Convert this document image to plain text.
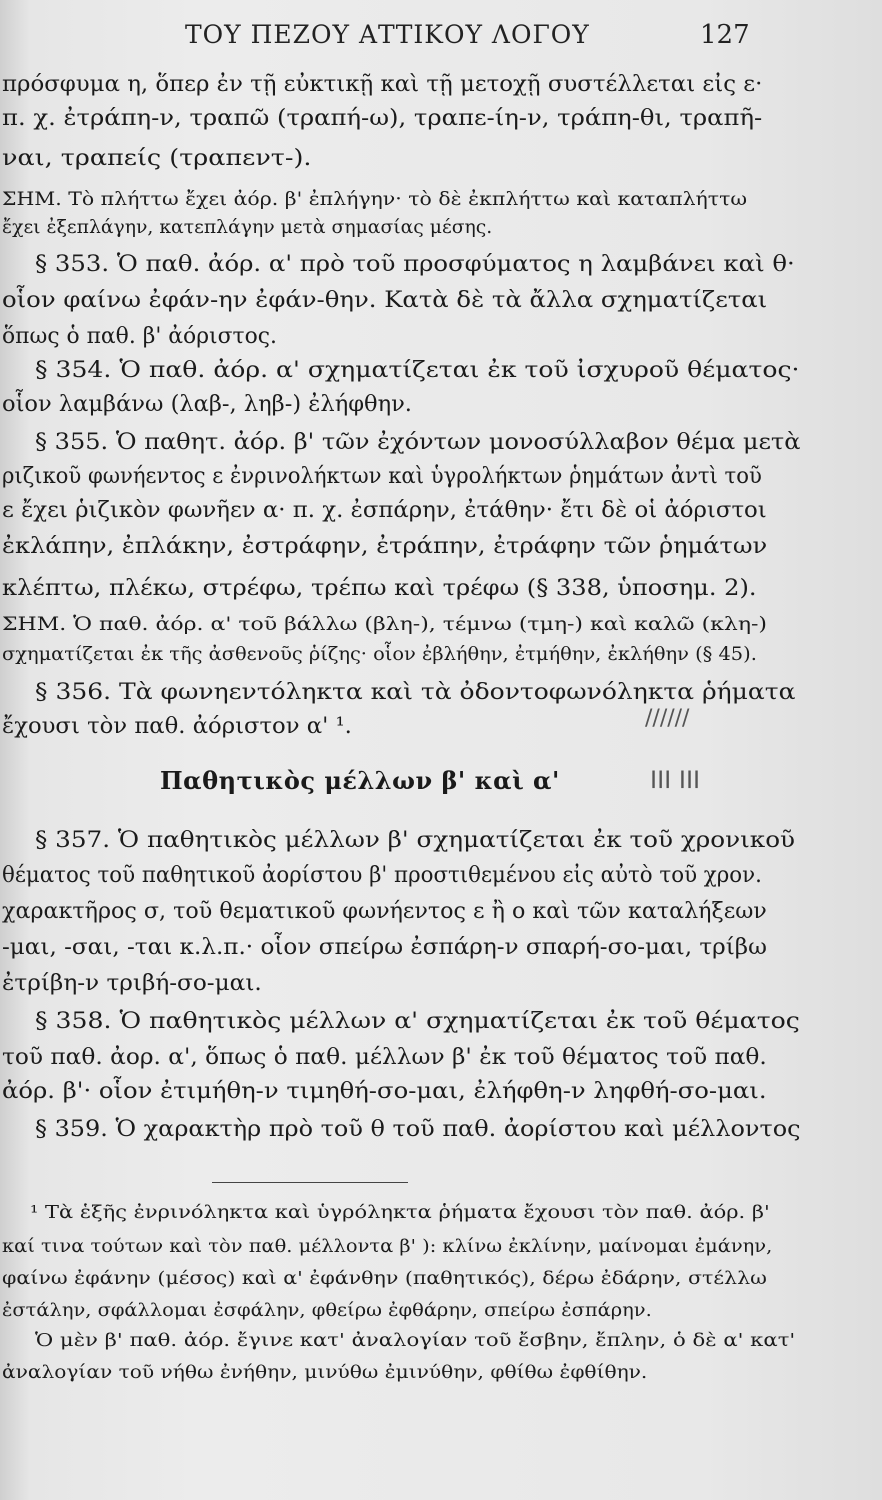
ΤΟΥ ΠΕΖΟΥ ΑΤΤΙΚΟΥ ΛΟΓΟΥ	127
πρόσφυμα η, ὅπερ ἐν τῇ εὐκτικῇ καὶ τῇ μετοχῇ συστέλλεται εἰς ε·
π. χ. ἐτράπη-ν, τραπῶ (τραπή-ω), τραπε-ίη-ν, τράπη-θι, τραπῆ-
ναι, τραπείς (τραπεντ-).
ΣΗΜ. Τὸ πλήττω ἔχει ἀόρ. β' ἐπλήγην· τὸ δὲ ἐκπλήττω καὶ καταπλήττω
ἔχει ἐξεπλάγην, κατεπλάγην μετὰ σημασίας μέσης.
§ 353. Ὁ παθ. ἀόρ. α' πρὸ τοῦ προσφύματος η λαμβάνει καὶ θ·
οἷον φαίνω ἐφάν-ην ἐφάν-θην. Κατὰ δὲ τὰ ἄλλα σχηματίζεται
ὅπως ὁ παθ. β' ἀόριστος.
§ 354. Ὁ παθ. ἀόρ. α' σχηματίζεται ἐκ τοῦ ἰσχυροῦ θέματος·
οἷον λαμβάνω (λαβ-, ληβ-) ἐλήφθην.
§ 355. Ὁ παθητ. ἀόρ. β' τῶν ἐχόντων μονοσύλλαβον θέμα μετὰ
ριζικοῦ φωνήεντος ε ἐνρινολήκτων καὶ ὑγρολήκτων ῥημάτων ἀντὶ τοῦ
ε ἔχει ῥιζικὸν φωνῆεν α· π. χ. ἐσπάρην, ἐτάθην· ἔτι δὲ οἱ ἀόριστοι
ἐκλάπην, ἐπλάκην, ἐστράφην, ἐτράπην, ἐτράφην τῶν ῥημάτων
κλέπτω, πλέκω, στρέφω, τρέπω καὶ τρέφω (§ 338, ὑποσημ. 2).
ΣΗΜ. Ὁ παθ. ἀόρ. α' τοῦ βάλλω (βλη-), τέμνω (τμη-) καὶ καλῶ (κλη-)
σχηματίζεται ἐκ τῆς ἀσθενοῦς ῥίζης· οἷον ἐβλήθην, ἐτμήθην, ἐκλήθην (§ 45).
§ 356. Τὰ φωνηεντόληκτα καὶ τὰ ὀδοντοφωνόληκτα ῥήματα
ἔχουσι τὸν παθ. ἀόριστον α' ¹.
§ 357. Ὁ παθητικὸς μέλλων β' σχηματίζεται ἐκ τοῦ χρονικοῦ
θέματος τοῦ παθητικοῦ ἀορίστου β' προστιθεμένου εἰς αὐτὸ τοῦ χρον.
χαρακτῆρος σ, τοῦ θεματικοῦ φωνήεντος ε ἢ ο καὶ τῶν καταλήξεων
-μαι, -σαι, -ται κ.λ.π.· οἷον σπείρω ἐσπάρη-ν σπαρή-σο-μαι, τρίβω
ἐτρίβη-ν τριβή-σο-μαι.
§ 358. Ὁ παθητικὸς μέλλων α' σχηματίζεται ἐκ τοῦ θέματος
τοῦ παθ. ἀορ. α', ὅπως ὁ παθ. μέλλων β' ἐκ τοῦ θέματος τοῦ παθ.
ἀόρ. β'· οἷον ἐτιμήθη-ν τιμηθή-σο-μαι, ἐλήφθη-ν ληφθή-σο-μαι.
§ 359. Ὁ χαρακτὴρ πρὸ τοῦ θ τοῦ παθ. ἀορίστου καὶ μέλλοντος
Παθητικὸς μέλλων β' καὶ α'
//////
ΙΙΙ ΙΙΙ
¹ Τὰ ἑξῆς ἐνρινόληκτα καὶ ὑγρόληκτα ῥήματα ἔχουσι τὸν παθ. ἀόρ. β'
καί τινα τούτων καὶ τὸν παθ. μέλλοντα β' ): κλίνω ἐκλίνην, μαίνομαι ἐμάνην,
φαίνω ἐφάνην (μέσος) καὶ α' ἐφάνθην (παθητικός), δέρω ἐδάρην, στέλλω
ἐστάλην, σφάλλομαι ἐσφάλην, φθείρω ἐφθάρην, σπείρω ἐσπάρην.
Ὁ μὲν β' παθ. ἀόρ. ἔγινε κατ' ἀναλογίαν τοῦ ἔσβην, ἔπλην, ὁ δὲ α' κατ'
ἀναλογίαν τοῦ νήθω ἐνήθην, μινύθω ἐμινύθην, φθίθω ἐφθίθην.
